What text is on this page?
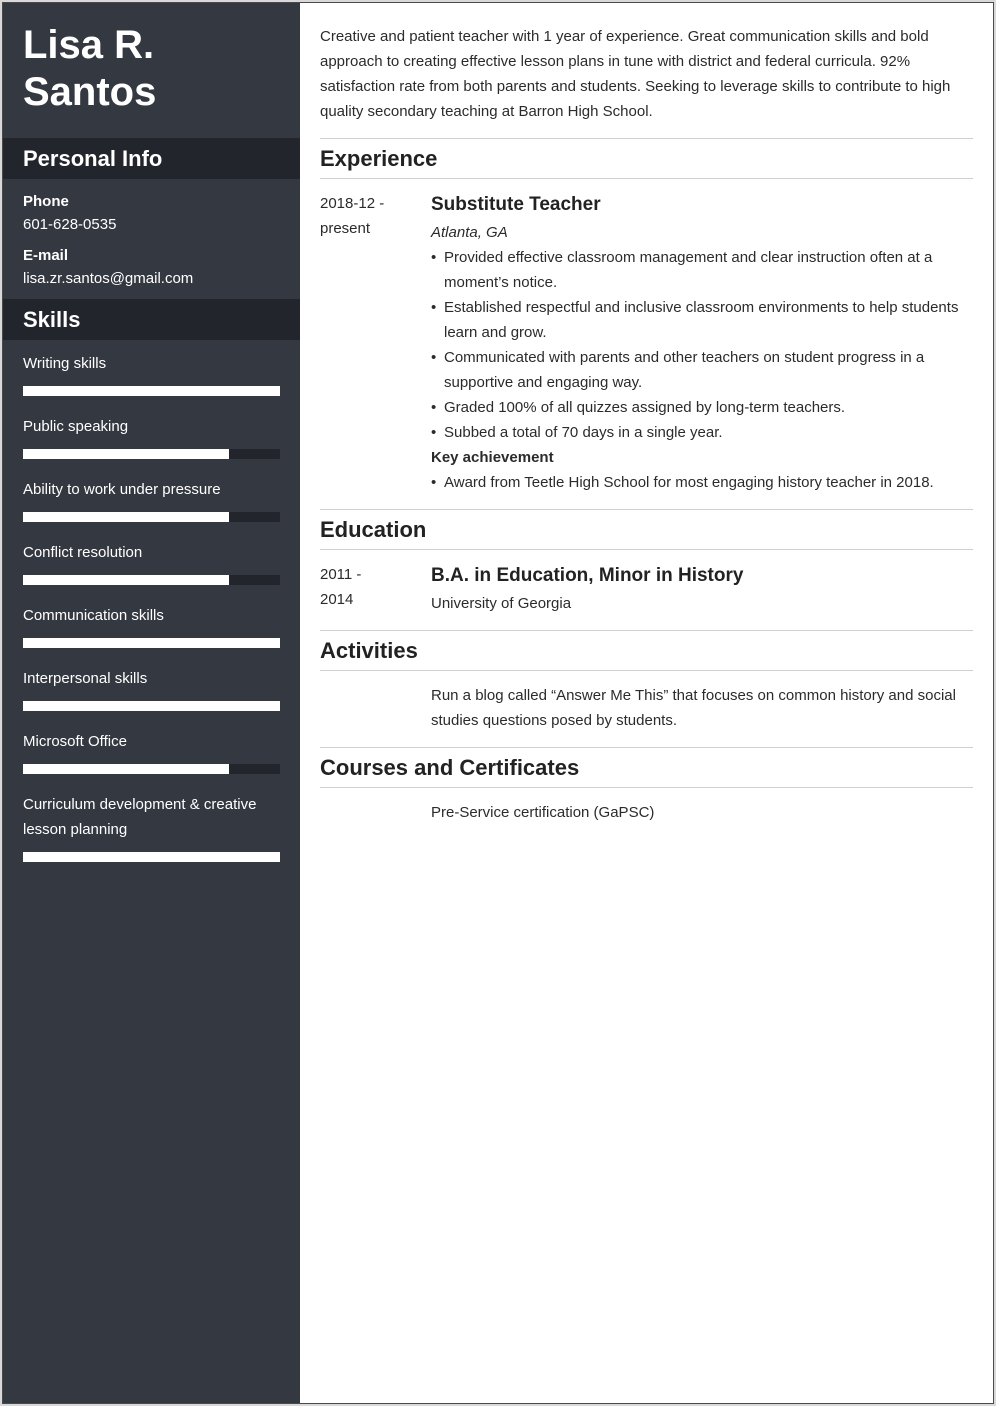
Lisa R.
Santos
Personal Info
Phone
601-628-0535
E-mail
lisa.zr.santos@gmail.com
Skills
Writing skills
Public speaking
Ability to work under pressure
Conflict resolution
Communication skills
Interpersonal skills
Microsoft Office
Curriculum development & creative lesson planning

Creative and patient teacher with 1 year of experience. Great communication skills and bold approach to creating effective lesson plans in tune with district and federal curricula. 92% satisfaction rate from both parents and students. Seeking to leverage skills to contribute to high quality secondary teaching at Barron High School.

Experience
2018-12 -
present
Substitute Teacher
Atlanta, GA
• Provided effective classroom management and clear instruction often at a moment’s notice.
• Established respectful and inclusive classroom environments to help students learn and grow.
• Communicated with parents and other teachers on student progress in a supportive and engaging way.
• Graded 100% of all quizzes assigned by long-term teachers.
• Subbed a total of 70 days in a single year.
Key achievement
• Award from Teetle High School for most engaging history teacher in 2018.
Education
2011 -
2014
B.A. in Education, Minor in History
University of Georgia
Activities
Run a blog called “Answer Me This” that focuses on common history and social studies questions posed by students.
Courses and Certificates
Pre-Service certification (GaPSC)
